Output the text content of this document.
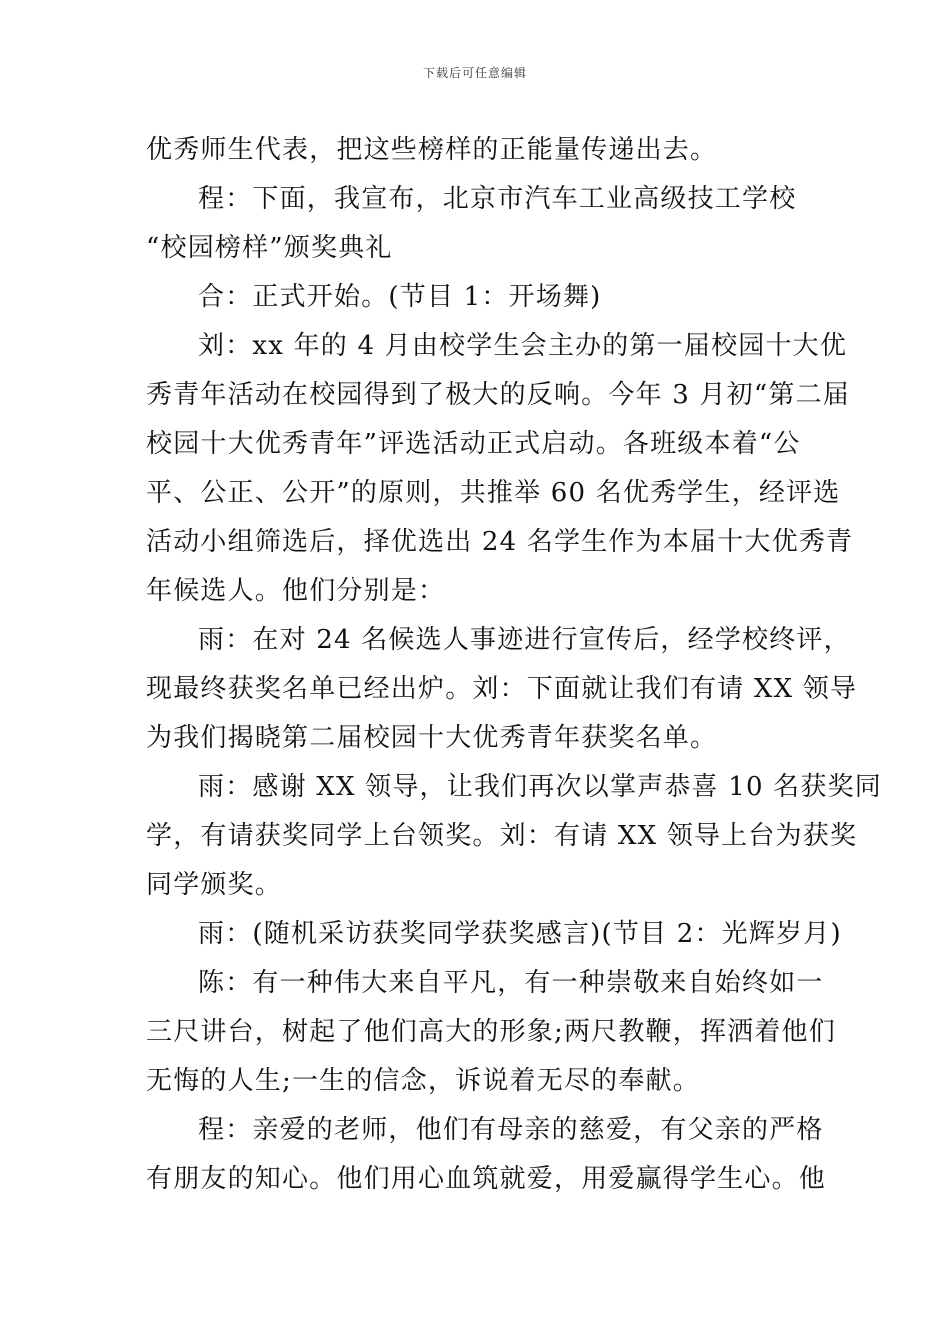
下载后可任意编辑
优秀师生代表，把这些榜样的正能量传递出去。
程：下面，我宣布，北京市汽车工业高级技工学校
“校园榜样”颁奖典礼
合：正式开始。(节目 1：开场舞)
刘：xx 年的 4 月由校学生会主办的第一届校园十大优
秀青年活动在校园得到了极大的反响。今年 3 月初“第二届
校园十大优秀青年”评选活动正式启动。各班级本着“公
平、公正、公开”的原则，共推举 60 名优秀学生，经评选
活动小组筛选后，择优选出 24 名学生作为本届十大优秀青
年候选人。他们分别是：
雨：在对 24 名候选人事迹进行宣传后，经学校终评，
现最终获奖名单已经出炉。刘：下面就让我们有请 XX 领导
为我们揭晓第二届校园十大优秀青年获奖名单。
雨：感谢 XX 领导，让我们再次以掌声恭喜 10 名获奖同
学，有请获奖同学上台领奖。刘：有请 XX 领导上台为获奖
同学颁奖。
雨：(随机采访获奖同学获奖感言)(节目 2：光辉岁月)
陈：有一种伟大来自平凡，有一种崇敬来自始终如一
三尺讲台，树起了他们高大的形象;两尺教鞭，挥洒着他们
无悔的人生;一生的信念，诉说着无尽的奉献。
程：亲爱的老师，他们有母亲的慈爱，有父亲的严格
有朋友的知心。他们用心血筑就爱，用爱赢得学生心。他
